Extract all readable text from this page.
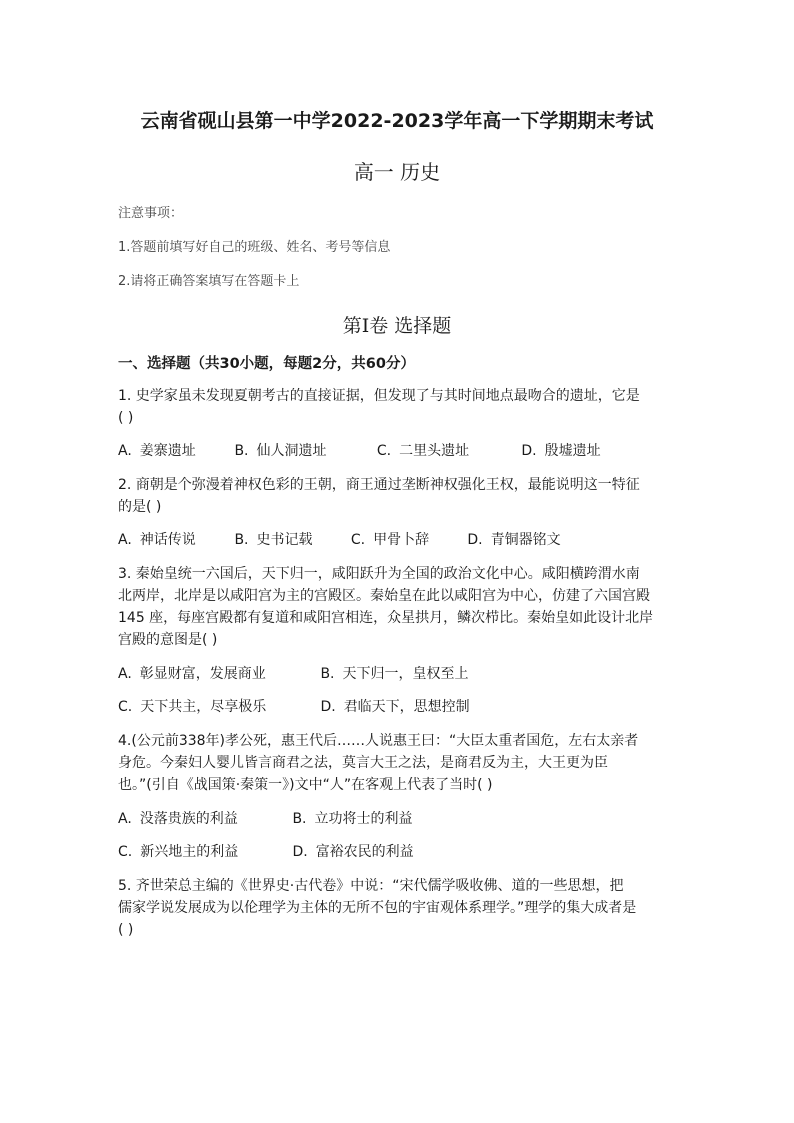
云南省砚山县第一中学2022-2023学年高一下学期期末考试
高一 历史
注意事项：
1.答题前填写好自己的班级、姓名、考号等信息
2.请将正确答案填写在答题卡上
第Ⅰ卷 选择题
一、选择题（共30小题，每题2分，共60分）
1. 史学家虽未发现夏朝考古的直接证据，但发现了与其时间地点最吻合的遗址，它是
( )
A. 姜寨遗址	B. 仙人洞遗址	C. 二里头遗址	D. 殷墟遗址
2. 商朝是个弥漫着神权色彩的王朝，商王通过垄断神权强化王权，最能说明这一特征
的是( )
A. 神话传说	B. 史书记载	C. 甲骨卜辞	D. 青铜器铭文
3. 秦始皇统一六国后，天下归一，咸阳跃升为全国的政治文化中心。咸阳横跨渭水南
北两岸，北岸是以咸阳宫为主的宫殿区。秦始皇在此以咸阳宫为中心，仿建了六国宫殿
145 座，每座宫殿都有复道和咸阳宫相连，众星拱月，鳞次栉比。秦始皇如此设计北岸
宫殿的意图是( )
A. 彰显财富，发展商业	B. 天下归一，皇权至上
C. 天下共主，尽享极乐	D. 君临天下，思想控制
4.(公元前338年)孝公死，惠王代后……人说惠王曰：“大臣太重者国危，左右太亲者
身危。今秦妇人婴儿皆言商君之法，莫言大王之法，是商君反为主，大王更为臣
也。”(引自《战国策·秦策一》)文中“人”在客观上代表了当时( )
A. 没落贵族的利益	B. 立功将士的利益
C. 新兴地主的利益	D. 富裕农民的利益
5. 齐世荣总主编的《世界史·古代卷》中说：“宋代儒学吸收佛、道的一些思想，把
儒家学说发展成为以伦理学为主体的无所不包的宇宙观体系理学。”理学的集大成者是
( )
